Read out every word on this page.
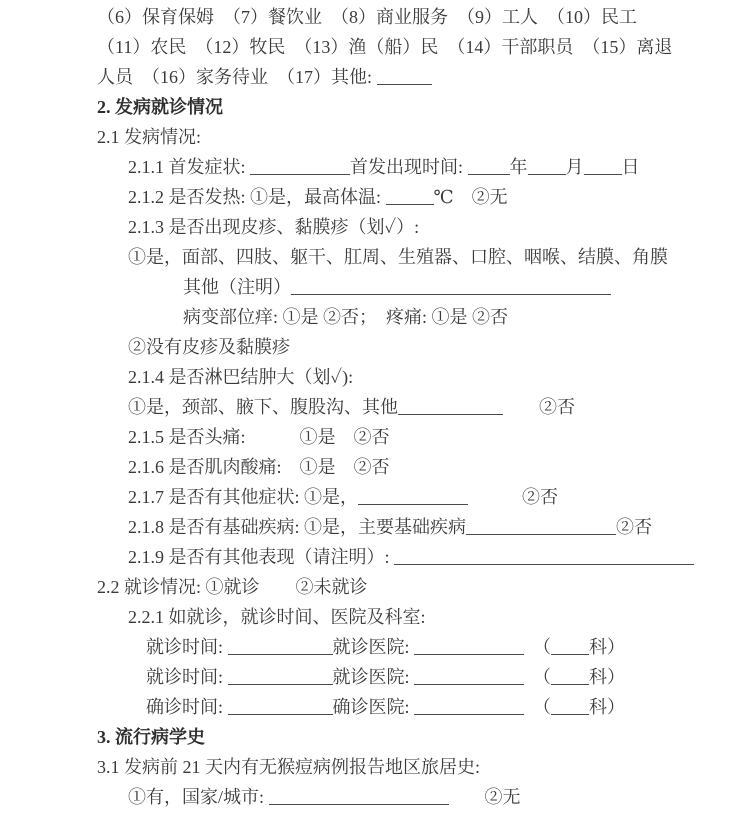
（6）保育保姆　（7）餐饮业　（8）商业服务　（9）工人　（10）民工
（11）农民　（12）牧民　（13）渔（船）民　（14）干部职员　（15）离退
人员　（16）家务待业　（17）其他:
2. 发病就诊情况
2.1 发病情况:
2.1.1 首发症状:	首发出现时间: 年 月 日
2.1.2 是否发热: ①是，最高体温:	℃　②无
2.1.3 是否出现皮疹、黏膜疹（划✓）:
①是，面部、四肢、躯干、肛周、生殖器、口腔、咽喉、结膜、角膜
其他（注明）
病变部位痒: ①是 ②否；　疼痛: ①是 ②否
②没有皮疹及黏膜疹
2.1.4 是否淋巴结肿大（划✓):
①是，颈部、腋下、腹股沟、其他	　　②否
2.1.5 是否头痛:　　　①是　②否
2.1.6 是否肌肉酸痛:　①是　②否
2.1.7 是否有其他症状: ①是，	　　　②否
2.1.8 是否有基础疾病: ①是，主要基础疾病	②否
2.1.9 是否有其他表现（请注明）:
2.2 就诊情况: ①就诊　　②未就诊
2.2.1 如就诊，就诊时间、医院及科室:
就诊时间:	就诊医院:	　（ 科）
就诊时间:	就诊医院:	　（ 科）
确诊时间:	确诊医院:	　（ 科）
3. 流行病学史
3.1 发病前 21 天内有无猴痘病例报告地区旅居史:
①有，国家/城市:	　　②无
